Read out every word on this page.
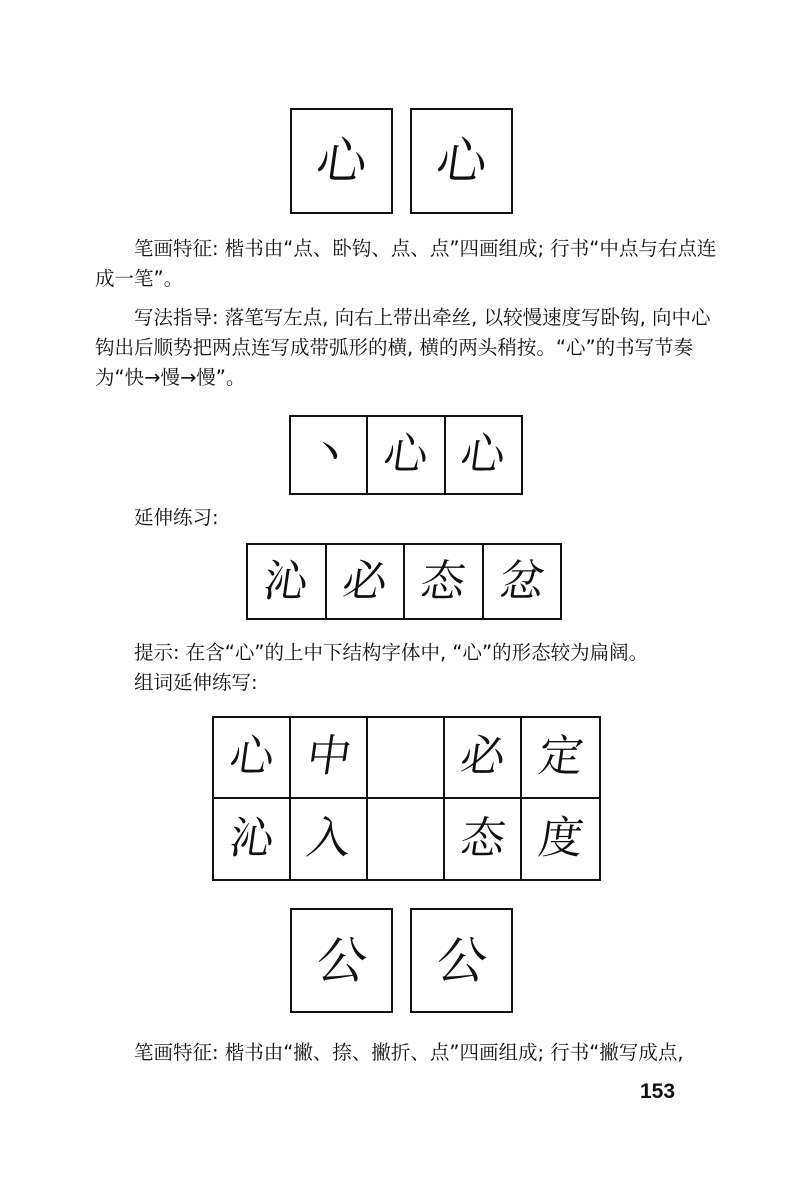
心 心

笔画特征: 楷书由“点、卧钩、点、点”四画组成; 行书“中点与右点连成一笔”。

写法指导: 落笔写左点, 向右上带出牵丝, 以较慢速度写卧钩, 向中心钩出后顺势把两点连写成带弧形的横, 横的两头稍按。“心”的书写节奏为“快→慢→慢”。

丶 心 心

延伸练习:

沁 必 态 忿

提示: 在含“心”的上中下结构字体中, “心”的形态较为扁阔。

组词延伸练写:

心 中 必 定
沁 入 态 度
公 公

笔画特征: 楷书由“撇、捺、撇折、点”四画组成; 行书“撇写成点,

153
